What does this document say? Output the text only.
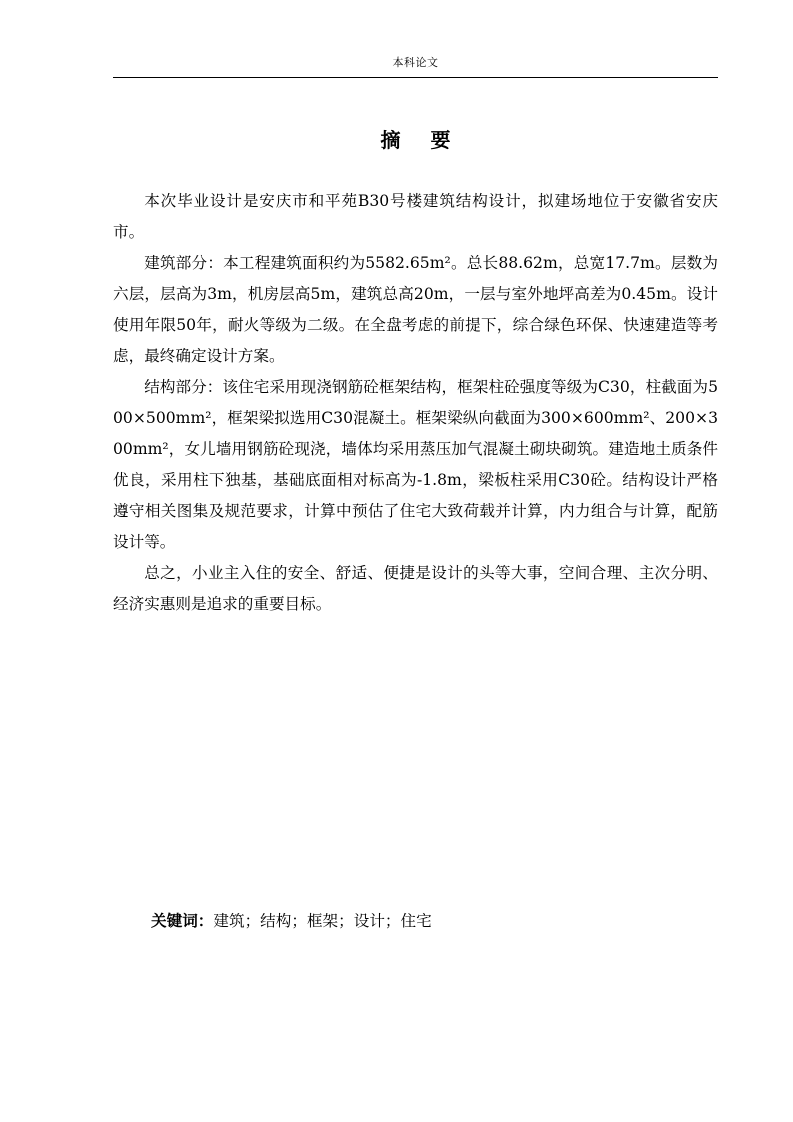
本科论文
摘要

本次毕业设计是安庆市和平苑B30号楼建筑结构设计，拟建场地位于安徽省安庆市。

建筑部分：本工程建筑面积约为5582.65m²。总长88.62m，总宽17.7m。层数为六层，层高为3m，机房层高5m，建筑总高20m，一层与室外地坪高差为0.45m。设计使用年限50年，耐火等级为二级。在全盘考虑的前提下，综合绿色环保、快速建造等考虑，最终确定设计方案。

结构部分：该住宅采用现浇钢筋砼框架结构，框架柱砼强度等级为C30，柱截面为500×500mm²，框架梁拟选用C30混凝土。框架梁纵向截面为300×600mm²、200×300mm²，女儿墙用钢筋砼现浇，墙体均采用蒸压加气混凝土砌块砌筑。建造地土质条件优良，采用柱下独基，基础底面相对标高为-1.8m，梁板柱采用C30砼。结构设计严格遵守相关图集及规范要求，计算中预估了住宅大致荷载并计算，内力组合与计算，配筋设计等。

总之，小业主入住的安全、舒适、便捷是设计的头等大事，空间合理、主次分明、经济实惠则是追求的重要目标。

关键词：建筑；结构；框架；设计；住宅
